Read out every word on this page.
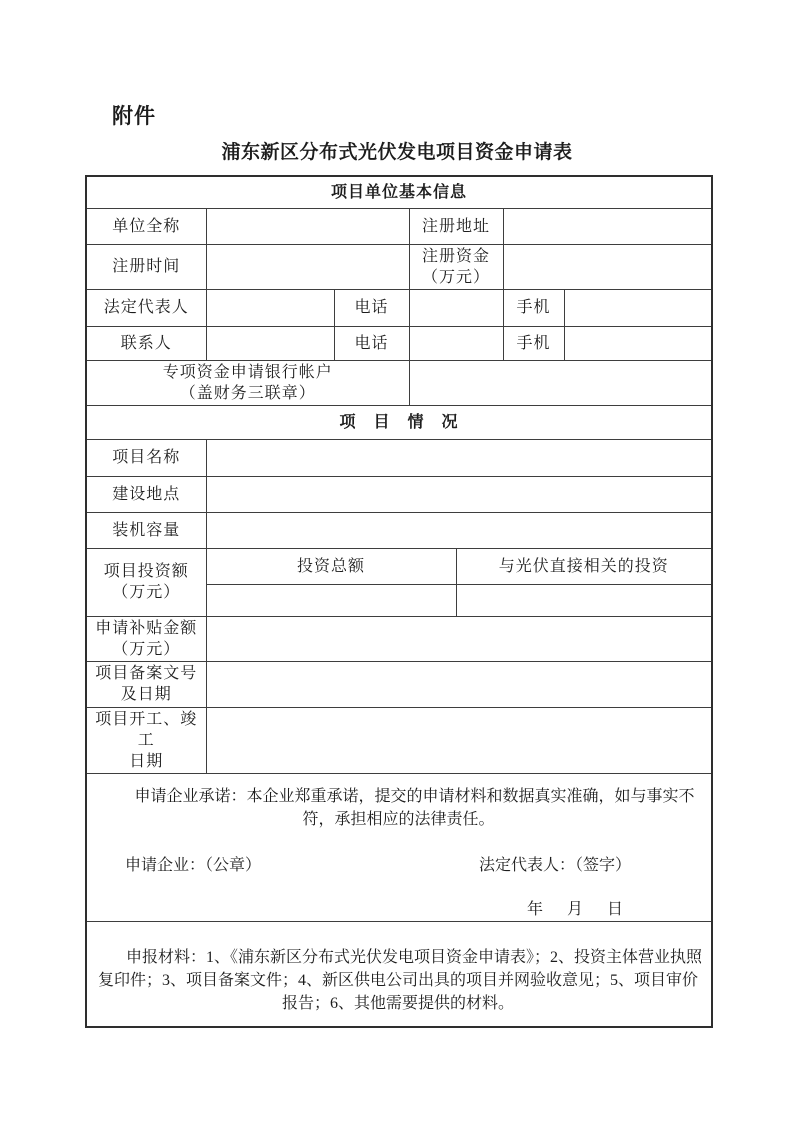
附件
浦东新区分布式光伏发电项目资金申请表
项目单位基本信息						
单位全称			注册地址			
注册时间			注册资金
（万元）			

法定代表人		电话			手机	
联系人		电话			手机	

专项资金申请银行帐户
（盖财务三联章）						

项　目　情　况						
项目名称						
建设地点						
装机容量						

项目投资额
（万元）	投资总额			与光伏直接相关的投资		

申请补贴金额
（万元）						

项目备案文号
及日期						

项目开工、竣工
日期						

申请企业承诺：本企业郑重承诺，提交的申请材料和数据真实准确，如与事实不符，承担相应的法律责任。

申请企业：（公章） 法定代表人：（签字）
年　月　日						

申报材料：1、《浦东新区分布式光伏发电项目资金申请表》；2、投资主体营业执照复印件；3、项目备案文件；4、新区供电公司出具的项目并网验收意见；5、项目审价报告；6、其他需要提供的材料。						
